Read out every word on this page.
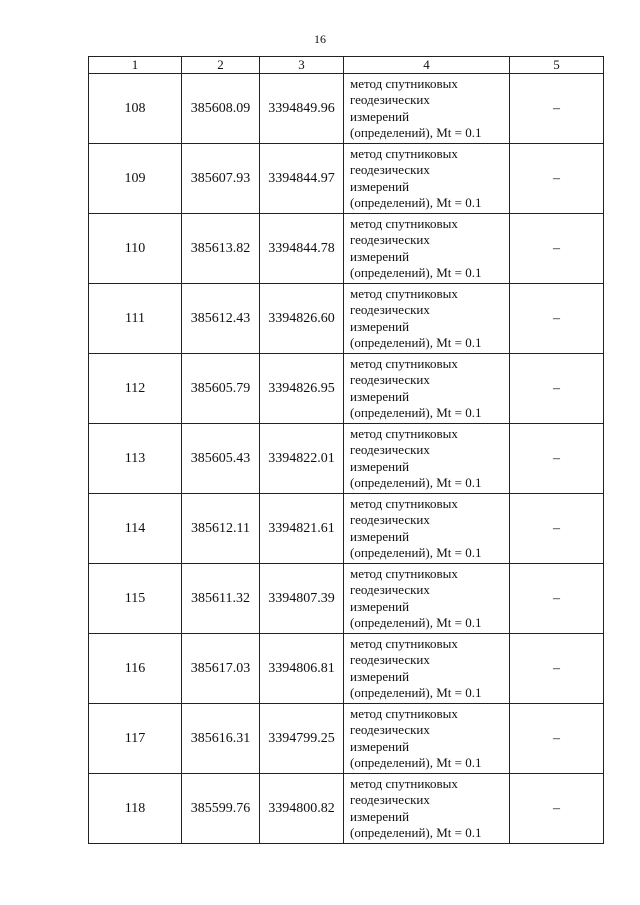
16
1	2	3	4	5
108	385608.09	3394849.96	метод спутниковых
геодезических
измерений
(определений), Mt = 0.1	–
109	385607.93	3394844.97	метод спутниковых
геодезических
измерений
(определений), Mt = 0.1	–
110	385613.82	3394844.78	метод спутниковых
геодезических
измерений
(определений), Mt = 0.1	–
111	385612.43	3394826.60	метод спутниковых
геодезических
измерений
(определений), Mt = 0.1	–
112	385605.79	3394826.95	метод спутниковых
геодезических
измерений
(определений), Mt = 0.1	–
113	385605.43	3394822.01	метод спутниковых
геодезических
измерений
(определений), Mt = 0.1	–
114	385612.11	3394821.61	метод спутниковых
геодезических
измерений
(определений), Mt = 0.1	–
115	385611.32	3394807.39	метод спутниковых
геодезических
измерений
(определений), Mt = 0.1	–
116	385617.03	3394806.81	метод спутниковых
геодезических
измерений
(определений), Mt = 0.1	–
117	385616.31	3394799.25	метод спутниковых
геодезических
измерений
(определений), Mt = 0.1	–
118	385599.76	3394800.82	метод спутниковых
геодезических
измерений
(определений), Mt = 0.1	–
